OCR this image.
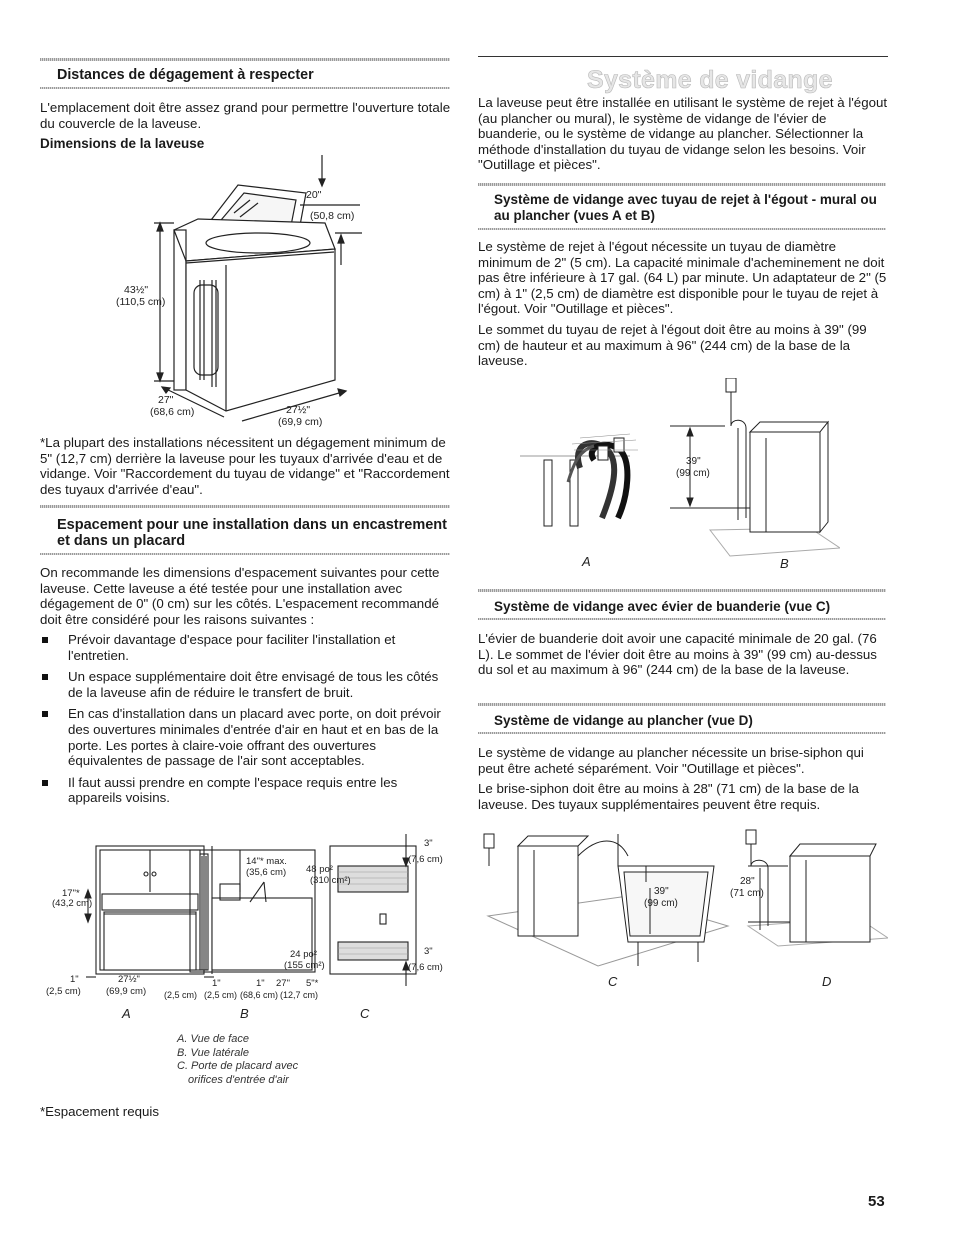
Distances de dégagement à respecter

L'emplacement doit être assez grand pour permettre l'ouverture totale du couvercle de la laveuse.

Dimensions de la laveuse
20"
(50,8 cm)
43½"
(110,5 cm)
27"
(68,6 cm)	27½"
(69,9 cm)

*La plupart des installations nécessitent un dégagement minimum de 5" (12,7 cm) derrière la laveuse pour les tuyaux d'arrivée d'eau et de vidange. Voir "Raccordement du tuyau de vidange" et "Raccordement des tuyaux d'arrivée d'eau".

Espacement pour une installation dans un encastrement et dans un placard

On recommande les dimensions d'espacement suivantes pour cette laveuse. Cette laveuse a été testée pour une installation avec dégagement de 0" (0 cm) sur les côtés. L'espacement recommandé doit être considéré pour les raisons suivantes :

Prévoir davantage d'espace pour faciliter l'installation et l'entretien.
Un espace supplémentaire doit être envisagé de tous les côtés de la laveuse afin de réduire le transfert de bruit.
En cas d'installation dans un placard avec porte, on doit prévoir des ouvertures minimales d'entrée d'air en haut et en bas de la porte. Les portes à claire-voie offrant des ouvertures équivalentes de passage de l'air sont acceptables.
Il faut aussi prendre en compte l'espace requis entre les appareils voisins.
17"*
(43,2 cm)
1"
(2,5 cm)
27½"
(69,9 cm)
14"* max.
(35,6 cm) 48 po²
(310 cm²)
24 po²
(155 cm²)
3"
(7,6 cm)
3"
(7,6 cm)
1"
(2,5 cm)
1"
(2,5 cm)
27"
(68,6 cm)
5"*
(12,7 cm)
A	B	C
A. Vue de face
B. Vue latérale
C. Porte de placard avec
orifices d'entrée d'air

*Espacement requis

Système de vidange

La laveuse peut être installée en utilisant le système de rejet à l'égout (au plancher ou mural), le système de vidange de l'évier de buanderie, ou le système de vidange au plancher. Sélectionner la méthode d'installation du tuyau de vidange selon les besoins. Voir "Outillage et pièces".

Système de vidange avec tuyau de rejet à l'égout - mural ou au plancher (vues A et B)

Le système de rejet à l'égout nécessite un tuyau de diamètre minimum de 2" (5 cm). La capacité minimale d'acheminement ne doit pas être inférieure à 17 gal. (64 L) par minute. Un adaptateur de 2" (5 cm) à 1" (2,5 cm) de diamètre est disponible pour le tuyau de rejet à l'égout. Voir "Outillage et pièces".

Le sommet du tuyau de rejet à l'égout doit être au moins à 39" (99 cm) de hauteur et au maximum à 96" (244 cm) de la base de la laveuse.

39"
(99 cm)
A	B
Système de vidange avec évier de buanderie (vue C)

L'évier de buanderie doit avoir une capacité minimale de 20 gal. (76 L). Le sommet de l'évier doit être au moins à 39" (99 cm) au-dessus du sol et au maximum à 96" (244 cm) de la base de la laveuse.

Système de vidange au plancher (vue D)

Le système de vidange au plancher nécessite un brise-siphon qui peut être acheté séparément. Voir "Outillage et pièces".

Le brise-siphon doit être au moins à 28" (71 cm) de la base de la laveuse. Des tuyaux supplémentaires peuvent être requis.

39"
(99 cm)
28"
(71 cm)
C	D
53
